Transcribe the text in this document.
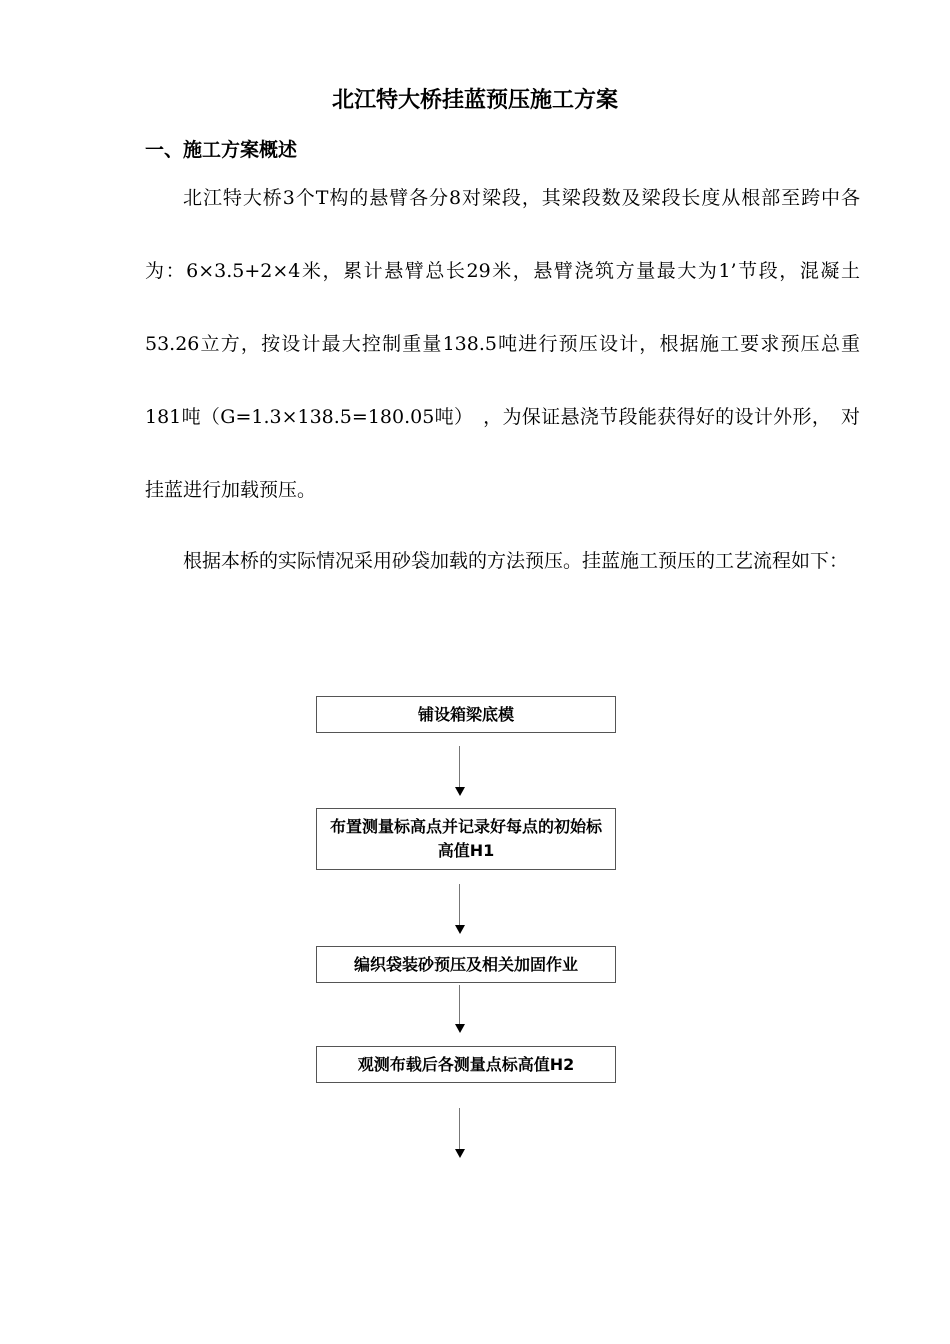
北江特大桥挂蓝预压施工方案
一、施工方案概述

北江特大桥3个T构的悬臂各分8对梁段，其梁段数及梁段长度从根部至跨中各为：6×3.5+2×4米，累计悬臂总长29米，悬臂浇筑方量最大为1’节段，混凝土53.26立方，按设计最大控制重量138.5吨进行预压设计，根据施工要求预压总重181吨（G=1.3×138.5=180.05吨）　，为保证悬浇节段能获得好的设计外形，　对挂蓝进行加载预压。

根据本桥的实际情况采用砂袋加载的方法预压。挂蓝施工预压的工艺流程如下：

铺设箱梁底模
布置测量标高点并记录好每点的初始标高值H1
编织袋装砂预压及相关加固作业
观测布载后各测量点标高值H2
